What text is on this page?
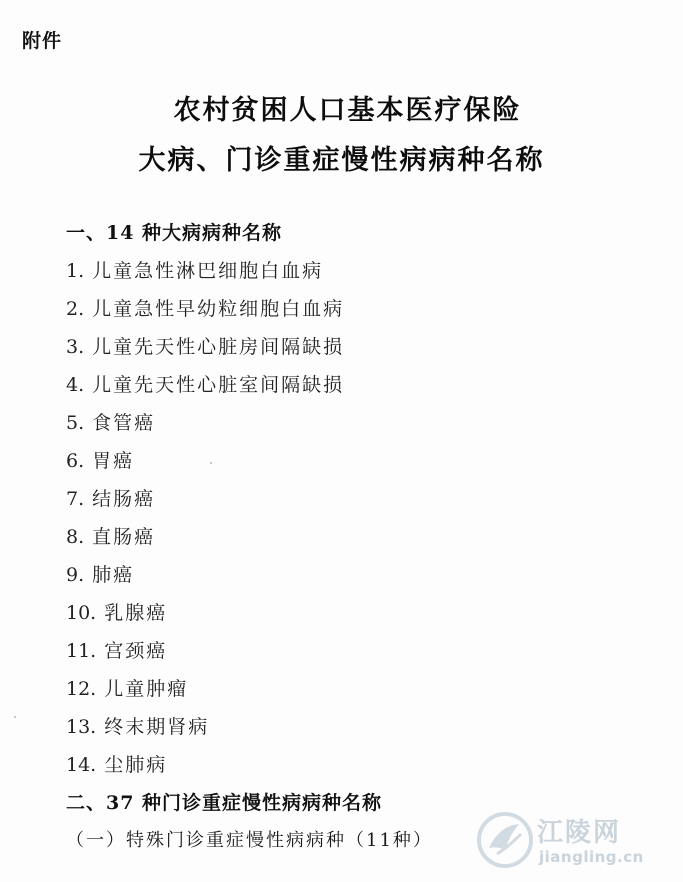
附件
农村贫困人口基本医疗保险
大病、门诊重症慢性病病种名称
一、14 种大病病种名称
1. 儿童急性淋巴细胞白血病
2. 儿童急性早幼粒细胞白血病
3. 儿童先天性心脏房间隔缺损
4. 儿童先天性心脏室间隔缺损
5. 食管癌
6. 胃癌
7. 结肠癌
8. 直肠癌
9. 肺癌
10. 乳腺癌
11. 宫颈癌
12. 儿童肿瘤
13. 终末期肾病
14. 尘肺病
二、37 种门诊重症慢性病病种名称
（一）特殊门诊重症慢性病病种（11种）	江陵网
jiangling.cn
